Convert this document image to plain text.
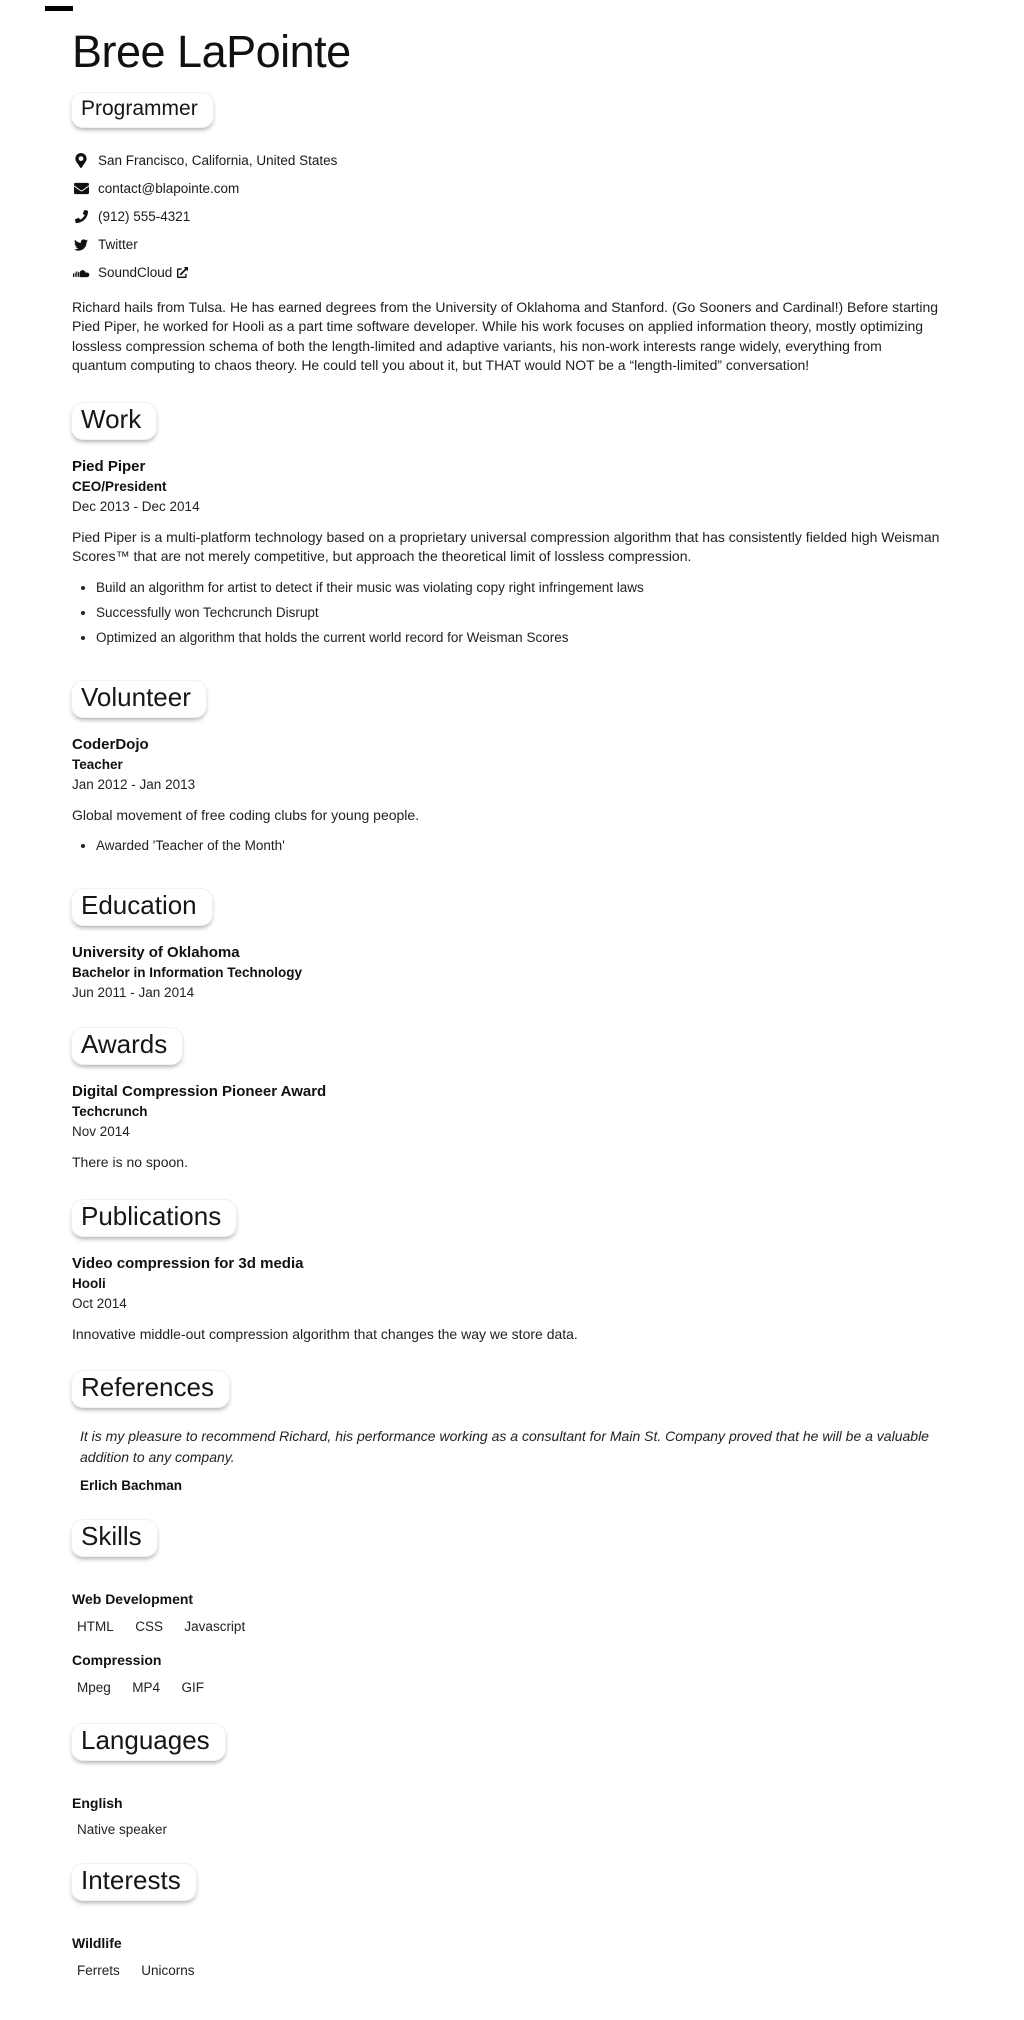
Bree LaPointe
Programmer
San Francisco, California, United States
contact@blapointe.com
(912) 555-4321
Twitter
SoundCloud

Richard hails from Tulsa. He has earned degrees from the University of Oklahoma and Stanford. (Go Sooners and Cardinal!) Before starting Pied Piper, he worked for Hooli as a part time software developer. While his work focuses on applied information theory, mostly optimizing lossless compression schema of both the length-limited and adaptive variants, his non-work interests range widely, everything from quantum computing to chaos theory. He could tell you about it, but THAT would NOT be a “length-limited” conversation!

Work
Pied Piper
CEO/President
Dec 2013 - Dec 2014

Pied Piper is a multi-platform technology based on a proprietary universal compression algorithm that has consistently fielded high Weisman Scores™ that are not merely competitive, but approach the theoretical limit of lossless compression.

• Build an algorithm for artist to detect if their music was violating copy right infringement laws
• Successfully won Techcrunch Disrupt
• Optimized an algorithm that holds the current world record for Weisman Scores
Volunteer
CoderDojo
Teacher
Jan 2012 - Jan 2013

Global movement of free coding clubs for young people.

• Awarded 'Teacher of the Month'
Education
University of Oklahoma
Bachelor in Information Technology
Jun 2011 - Jan 2014
Awards
Digital Compression Pioneer Award
Techcrunch
Nov 2014

There is no spoon.

Publications
Video compression for 3d media
Hooli
Oct 2014

Innovative middle-out compression algorithm that changes the way we store data.

References
It is my pleasure to recommend Richard, his performance working as a consultant for Main St. Company proved that he will be a valuable addition to any company.
Erlich Bachman
Skills
Web Development
HTML CSS Javascript
Compression
Mpeg MP4 GIF
Languages
English
Native speaker
Interests
Wildlife
Ferrets Unicorns
